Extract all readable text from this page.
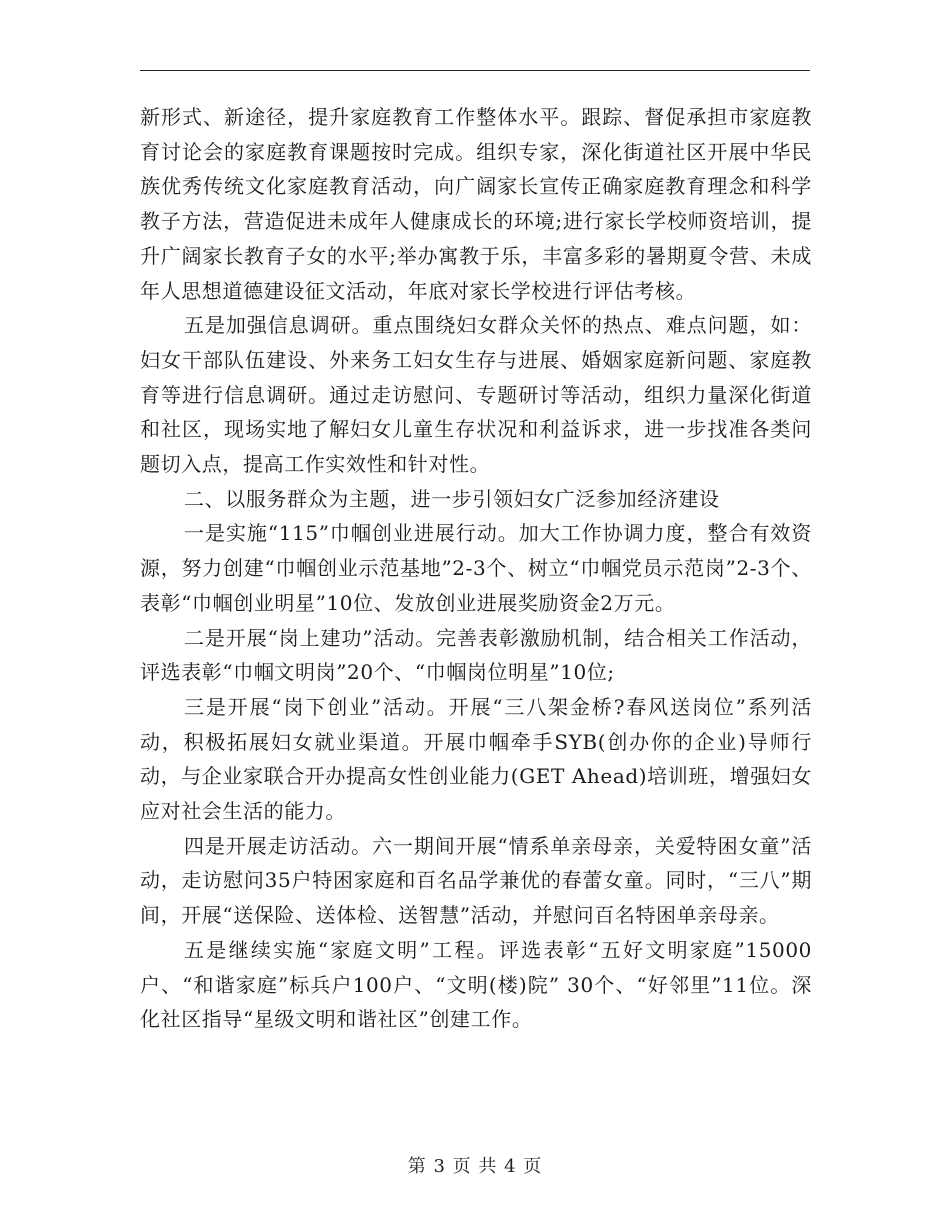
新形式、新途径，提升家庭教育工作整体水平。跟踪、督促承担市家庭教育讨论会的家庭教育课题按时完成。组织专家，深化街道社区开展中华民族优秀传统文化家庭教育活动，向广阔家长宣传正确家庭教育理念和科学教子方法，营造促进未成年人健康成长的环境;进行家长学校师资培训，提升广阔家长教育子女的水平;举办寓教于乐，丰富多彩的暑期夏令营、未成年人思想道德建设征文活动，年底对家长学校进行评估考核。
五是加强信息调研。重点围绕妇女群众关怀的热点、难点问题，如：妇女干部队伍建设、外来务工妇女生存与进展、婚姻家庭新问题、家庭教育等进行信息调研。通过走访慰问、专题研讨等活动，组织力量深化街道和社区，现场实地了解妇女儿童生存状况和利益诉求，进一步找准各类问题切入点，提高工作实效性和针对性。
二、以服务群众为主题，进一步引领妇女广泛参加经济建设
一是实施“115”巾帼创业进展行动。加大工作协调力度，整合有效资源，努力创建“巾帼创业示范基地”2-3个、树立“巾帼党员示范岗”2-3个、表彰“巾帼创业明星”10位、发放创业进展奖励资金2万元。
二是开展“岗上建功”活动。完善表彰激励机制，结合相关工作活动，评选表彰“巾帼文明岗”20个、“巾帼岗位明星”10位;
三是开展“岗下创业”活动。开展“三八架金桥?春风送岗位”系列活动，积极拓展妇女就业渠道。开展巾帼牵手SYB(创办你的企业)导师行动，与企业家联合开办提高女性创业能力(GET Ahead)培训班，增强妇女应对社会生活的能力。
四是开展走访活动。六一期间开展“情系单亲母亲，关爱特困女童”活动，走访慰问35户特困家庭和百名品学兼优的春蕾女童。同时，“三八”期间，开展“送保险、送体检、送智慧”活动，并慰问百名特困单亲母亲。
五是继续实施“家庭文明”工程。评选表彰“五好文明家庭”15000户、“和谐家庭”标兵户100户、“文明(楼)院” 30个、“好邻里”11位。深化社区指导“星级文明和谐社区”创建工作。
第 3 页 共 4 页
